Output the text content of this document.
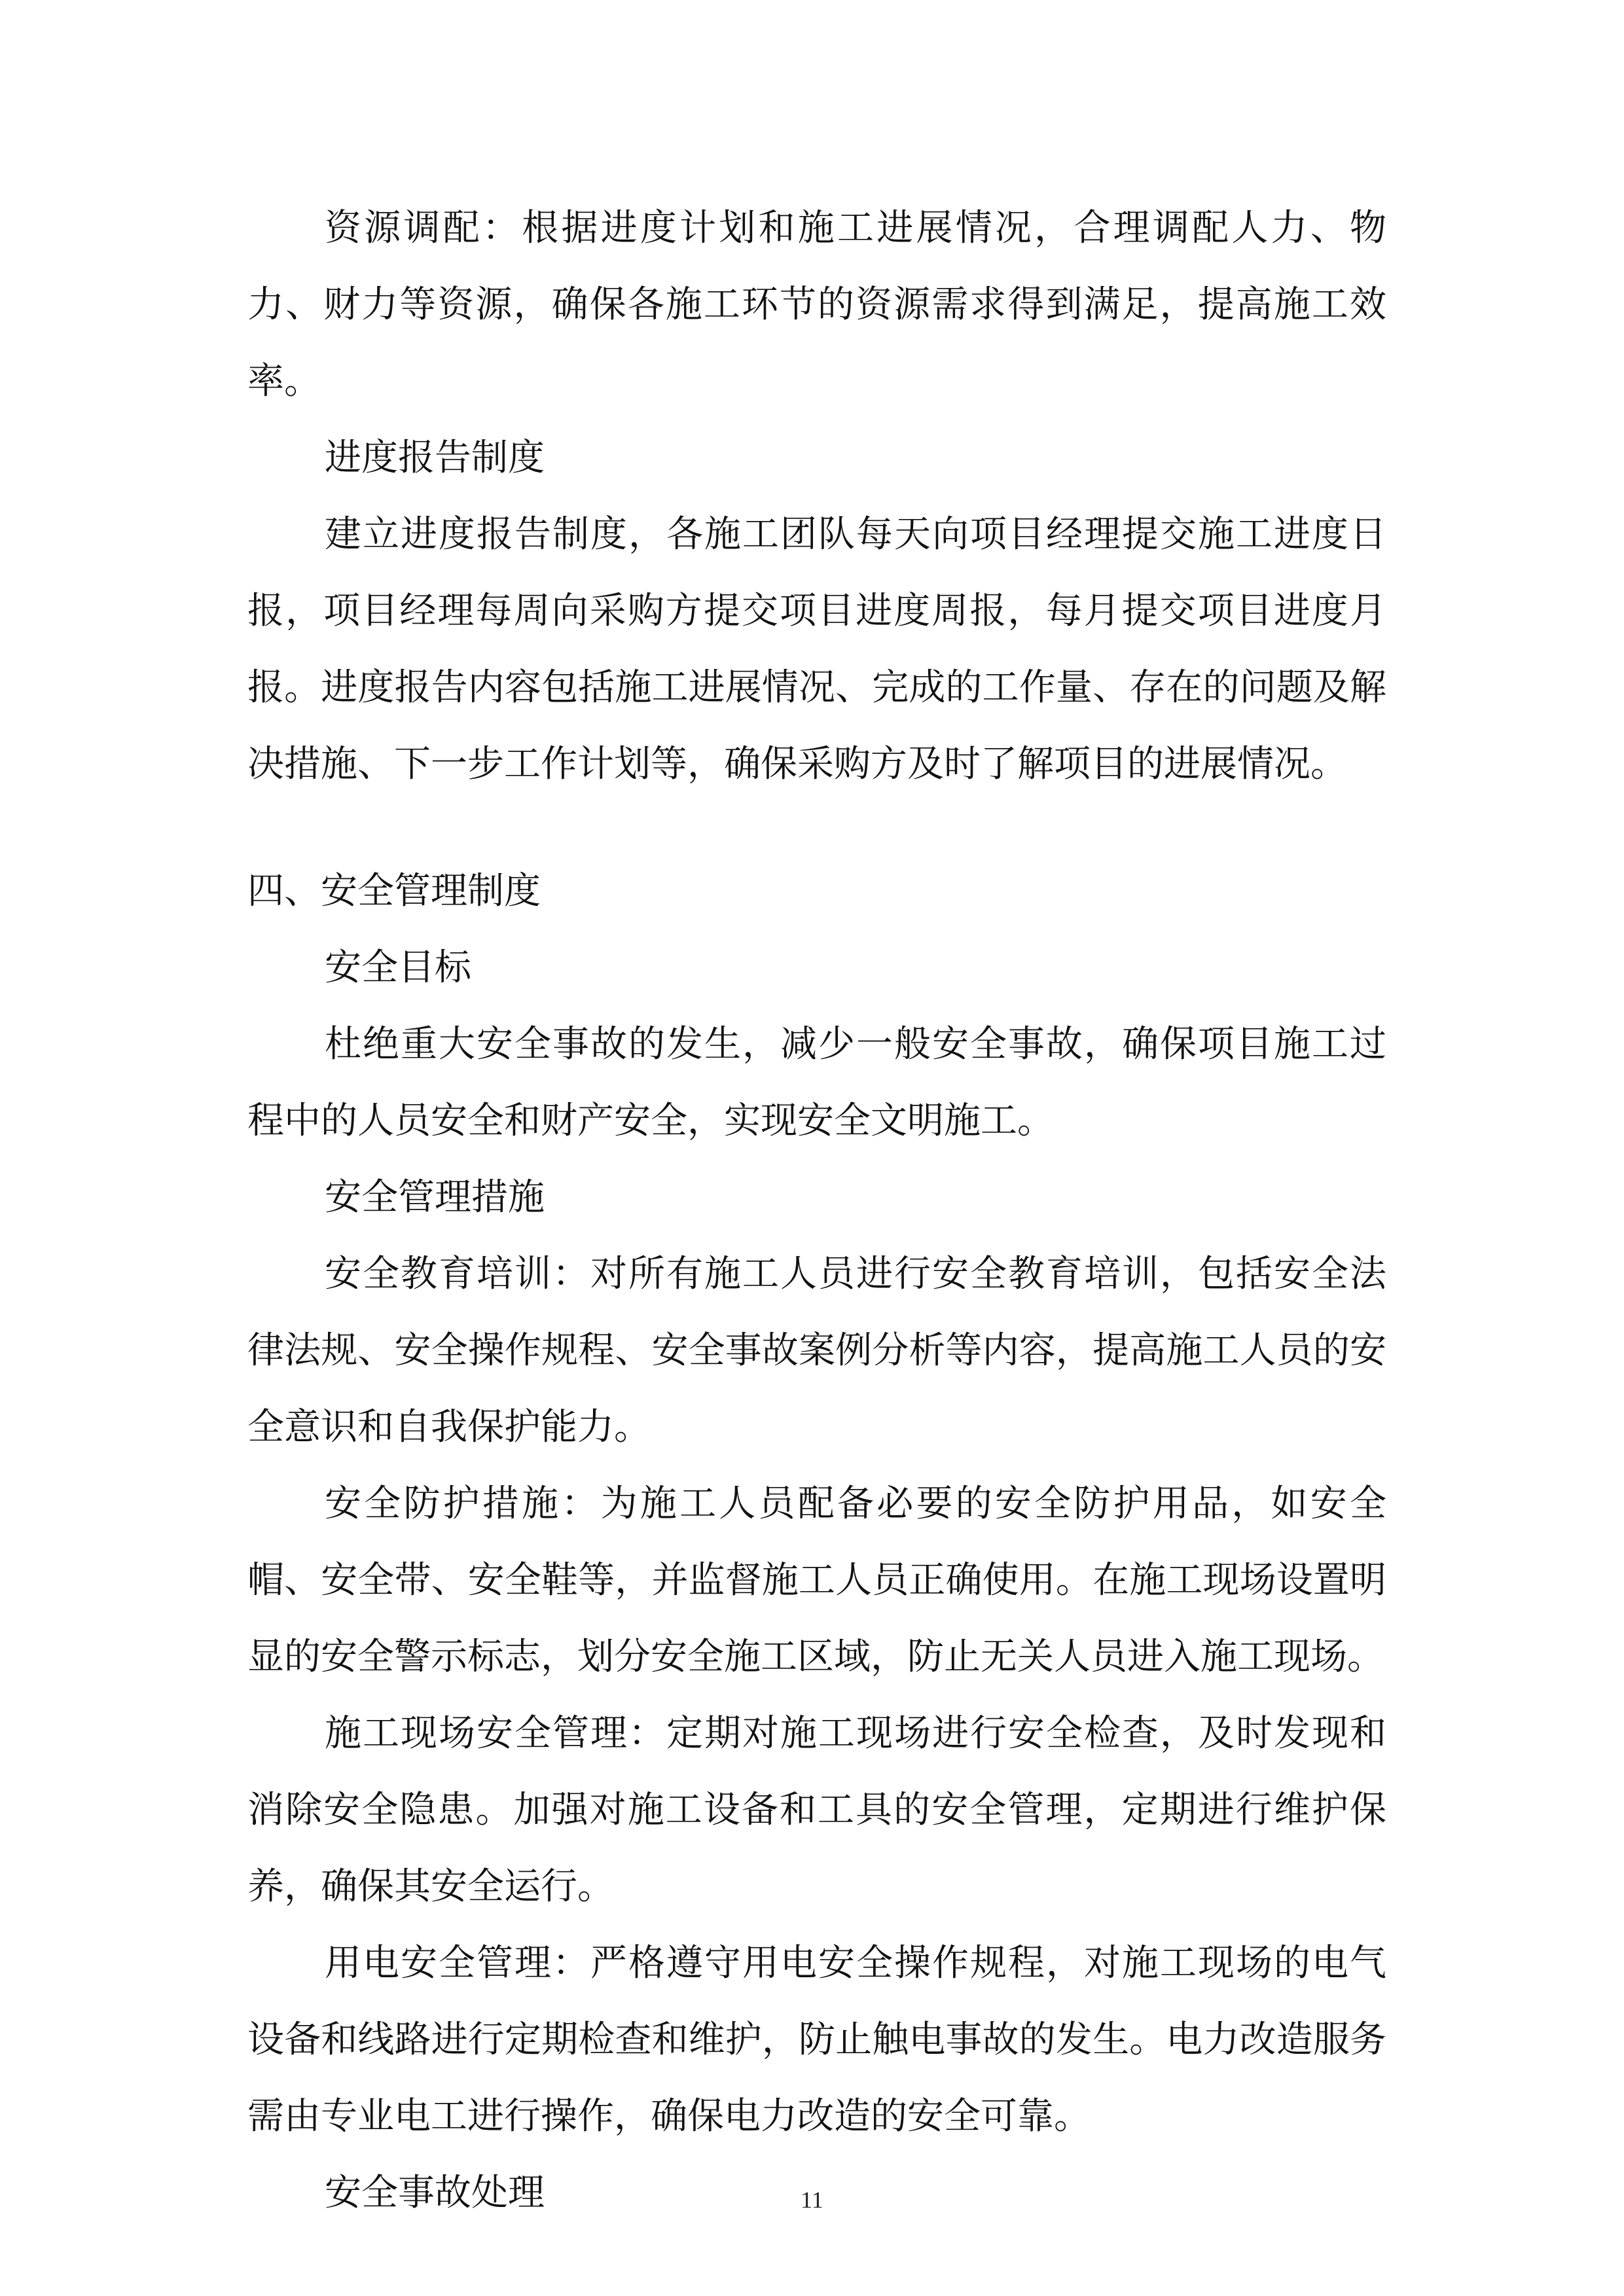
资源调配：根据进度计划和施工进展情况，合理调配人力、物力、财力等资源，确保各施工环节的资源需求得到满足，提高施工效率。

进度报告制度

建立进度报告制度，各施工团队每天向项目经理提交施工进度日报，项目经理每周向采购方提交项目进度周报，每月提交项目进度月报。进度报告内容包括施工进展情况、完成的工作量、存在的问题及解决措施、下一步工作计划等，确保采购方及时了解项目的进展情况。

四、安全管理制度

安全目标

杜绝重大安全事故的发生，减少一般安全事故，确保项目施工过程中的人员安全和财产安全，实现安全文明施工。

安全管理措施

安全教育培训：对所有施工人员进行安全教育培训，包括安全法律法规、安全操作规程、安全事故案例分析等内容，提高施工人员的安全意识和自我保护能力。

安全防护措施：为施工人员配备必要的安全防护用品，如安全帽、安全带、安全鞋等，并监督施工人员正确使用。在施工现场设置明显的安全警示标志，划分安全施工区域，防止无关人员进入施工现场。

施工现场安全管理：定期对施工现场进行安全检查，及时发现和消除安全隐患。加强对施工设备和工具的安全管理，定期进行维护保养，确保其安全运行。

用电安全管理：严格遵守用电安全操作规程，对施工现场的电气设备和线路进行定期检查和维护，防止触电事故的发生。电力改造服务需由专业电工进行操作，确保电力改造的安全可靠。

安全事故处理	11
